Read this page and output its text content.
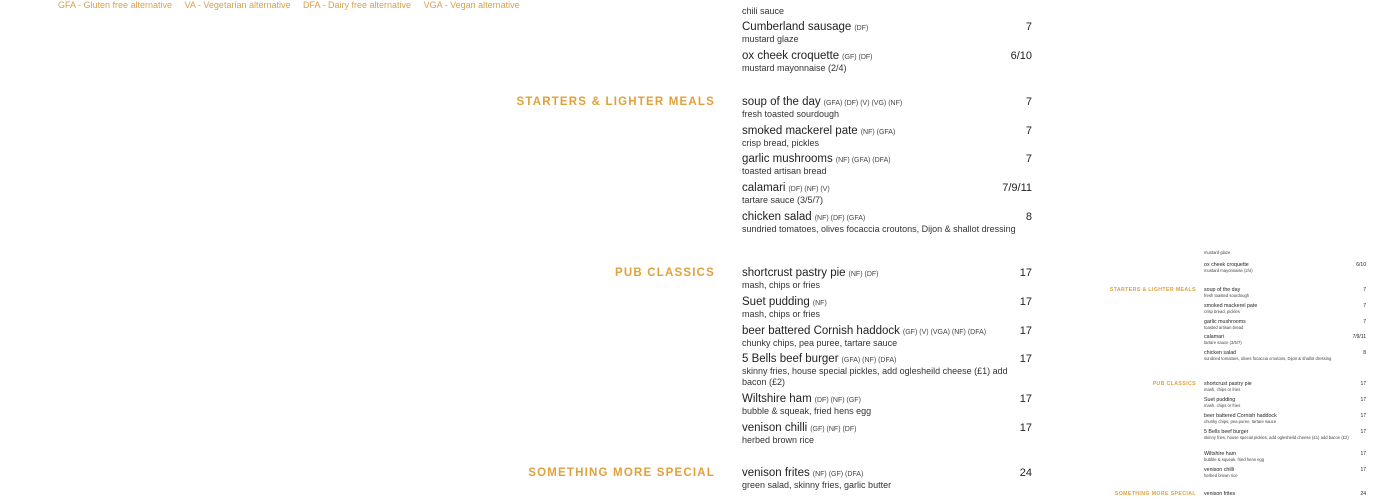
GFA - Gluten free alternative VA - Vegetarian alternative DFA - Dairy free alternative VGA - Vegan alternative
chili sauce
Cumberland sausage (DF)
mustard glaze
7
ox cheek croquette (GF) (DF)
mustard mayonnaise (2/4)
6/10
STARTERS & LIGHTER MEALS
PUB CLASSICS
SOMETHING MORE SPECIAL
soup of the day (GFA) (DF) (V) (VG) (NF)
fresh toasted sourdough
7
smoked mackerel pate (NF) (GFA)
crisp bread, pickles
7
garlic mushrooms (NF) (GFA) (DFA)
toasted artisan bread
7
calamari (DF) (NF) (V)
tartare sauce (3/5/7)
7/9/11
chicken salad (NF) (DF) (GFA)
sundried tomatoes, olives focaccia croutons, Dijon & shallot dressing
8
shortcrust pastry pie (NF) (DF)
mash, chips or fries
17
Suet pudding (NF)
mash, chips or fries
17
beer battered Cornish haddock (GF) (V) (VGA) (NF) (DFA)
chunky chips, pea puree, tartare sauce
17
5 Bells beef burger (GFA) (NF) (DFA)
skinny fries, house special pickles, add oglesheild cheese (£1) add bacon (£2)
17
Wiltshire ham (DF) (NF) (GF)
bubble & squeak, fried hens egg
17
venison chilli (GF) (NF) (DF)
herbed brown rice
17
venison frites (NF) (GF) (DFA)
green salad, skinny fries, garlic butter
24
mustard glaze
ox cheek croquette
mustard mayonnaise (2/4)
6/10
STARTERS & LIGHTER MEALS soup of the day
fresh toasted sourdough
7
smoked mackerel pate
crisp bread, pickles
7
garlic mushrooms
toasted artisan bread
7
calamari
tartare sauce (3/5/7)
7/9/11
chicken salad
sundried tomatoes, olives focaccia croutons, Dijon & shallot dressing
8
PUB CLASSICS shortcrust pastry pie
mash, chips or fries
17
Suet pudding
mash, chips or fries
17
beer battered Cornish haddock
chunky chips, pea puree, tartare sauce
17
5 Bells beef burger
skinny fries, house special pickles, add oglesheild cheese (£1) add bacon (£2)
17
Wiltshire ham
bubble & squeak, fried hens egg
17
venison chilli
herbed brown rice
17
SOMETHING MORE SPECIAL venison frites	24
